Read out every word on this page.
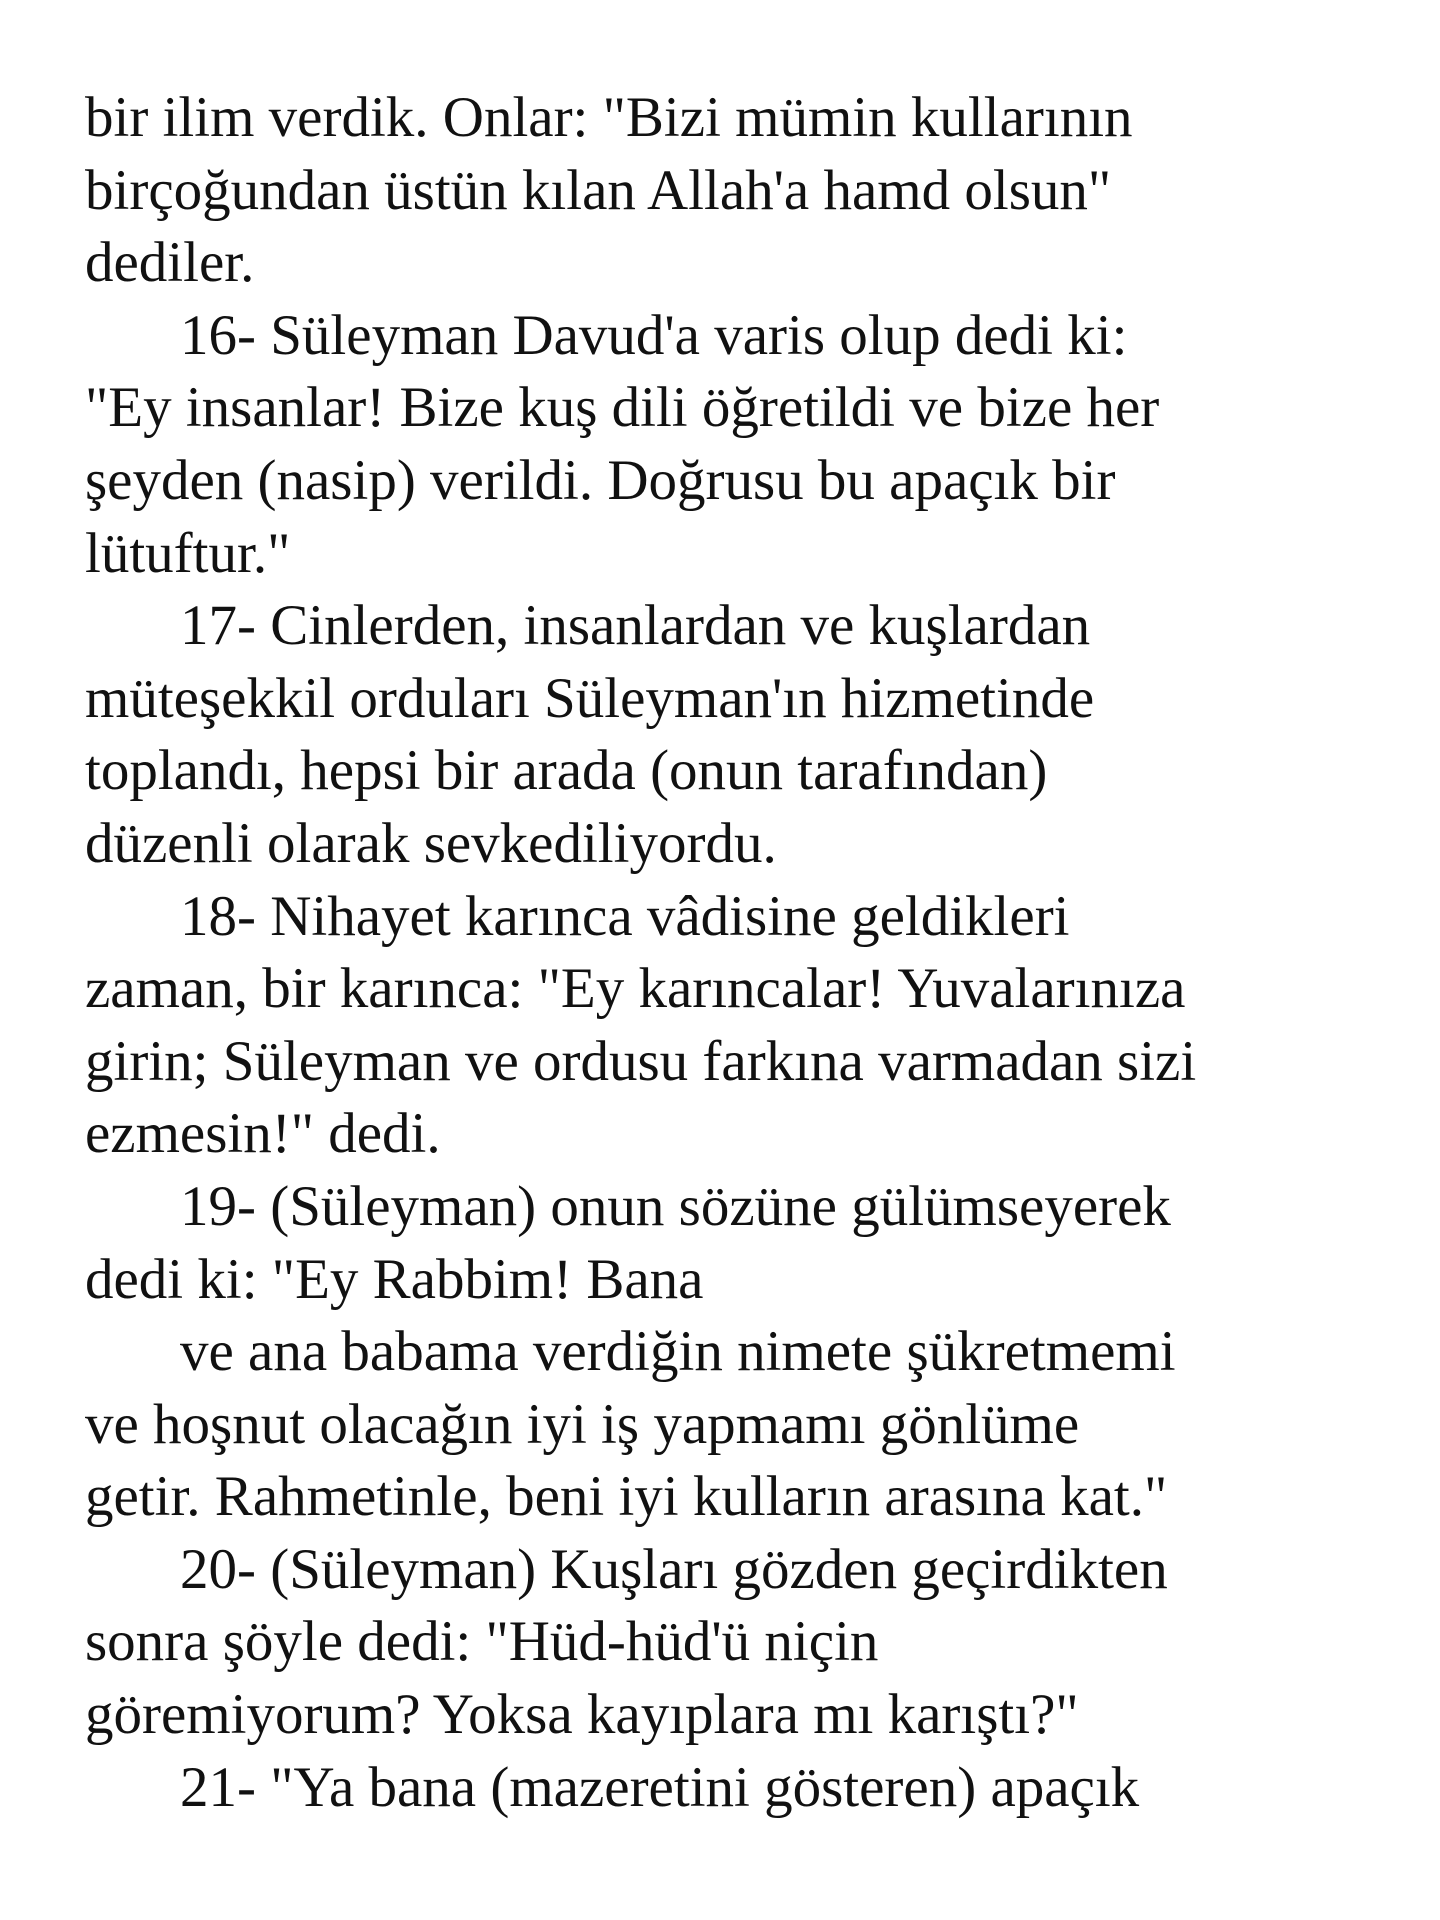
bir ilim verdik. Onlar: "Bizi mümin kullarının
birçoğundan üstün kılan Allah'a hamd olsun"
dediler.
16- Süleyman Davud'a varis olup dedi ki:
"Ey insanlar! Bize kuş dili öğretildi ve bize her
şeyden (nasip) verildi. Doğrusu bu apaçık bir
lütuftur."
17- Cinlerden, insanlardan ve kuşlardan
müteşekkil orduları Süleyman'ın hizmetinde
toplandı, hepsi bir arada (onun tarafından)
düzenli olarak sevkediliyordu.
18- Nihayet karınca vâdisine geldikleri
zaman, bir karınca: "Ey karıncalar! Yuvalarınıza
girin; Süleyman ve ordusu farkına varmadan sizi
ezmesin!" dedi.
19- (Süleyman) onun sözüne gülümseyerek
dedi ki: "Ey Rabbim! Bana
ve ana babama verdiğin nimete şükretmemi
ve hoşnut olacağın iyi iş yapmamı gönlüme
getir. Rahmetinle, beni iyi kulların arasına kat."
20- (Süleyman) Kuşları gözden geçirdikten
sonra şöyle dedi: "Hüd-hüd'ü niçin
göremiyorum? Yoksa kayıplara mı karıştı?"
21- "Ya bana (mazeretini gösteren) apaçık
